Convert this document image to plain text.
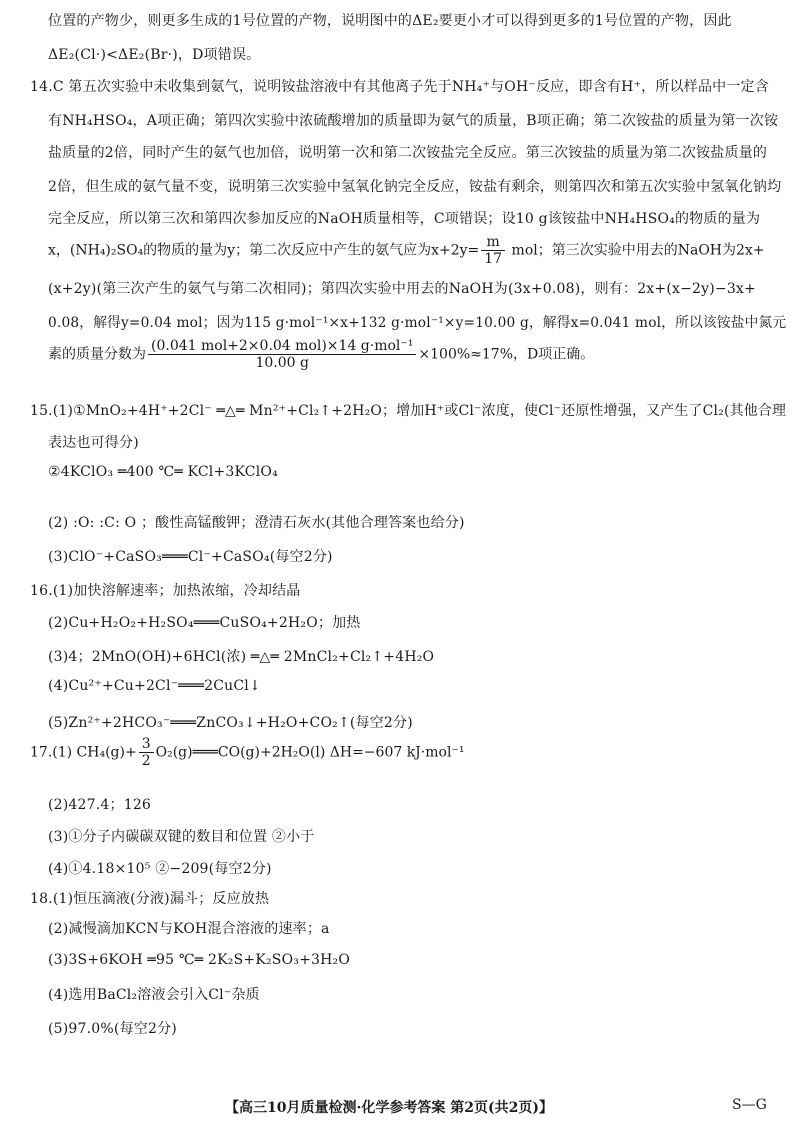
位置的产物少，则更多生成的1号位置的产物，说明图中的ΔE₂要更小才可以得到更多的1号位置的产物，因此
ΔE₂(Cl·)<ΔE₂(Br·)，D项错误。
14.C 第五次实验中未收集到氨气，说明铵盐溶液中有其他离子先于NH₄⁺与OH⁻反应，即含有H⁺，所以样品中一定含
有NH₄HSO₄，A项正确；第四次实验中浓硫酸增加的质量即为氨气的质量，B项正确；第二次铵盐的质量为第一次铵
盐质量的2倍，同时产生的氨气也加倍，说明第一次和第二次铵盐完全反应。第三次铵盐的质量为第二次铵盐质量的
2倍，但生成的氨气量不变，说明第三次实验中氢氧化钠完全反应，铵盐有剩余，则第四次和第五次实验中氢氧化钠均
完全反应，所以第三次和第四次参加反应的NaOH质量相等，C项错误；设10 g该铵盐中NH₄HSO₄的物质的量为
x，(NH₄)₂SO₄的物质的量为y；第二次反应中产生的氨气应为$x+2y= \frac{m}{17}$ mol；第三次实验中用去的NaOH为2x+
(x+2y)(第三次产生的氨气与第二次相同)；第四次实验中用去的NaOH为(3x+0.08)，则有：2x+(x−2y)−3x+
0.08，解得y=0.04 mol；因为115 g·mol⁻¹×x+132 g·mol⁻¹×y=10.00 g，解得x=0.041 mol，所以该铵盐中氮元
素的质量分数为 $\frac{\text{(0.041 mol+2×0.04 mol)×14 g·mol⁻¹}}{10.00 g} \times 100\%\approx 17\%$，D项正确。
15.(1)①MnO₂+4H⁺+2Cl⁻ ═△═ Mn²⁺+Cl₂↑+2H₂O；增加H⁺或Cl⁻浓度，使Cl⁻还原性增强，又产生了Cl₂(其他合理
表达也可得分)
②4KClO₃ ═400 ℃═ KCl+3KClO₄
(2) :O: :C: O ；酸性高锰酸钾；澄清石灰水(其他合理答案也给分)
(3)ClO⁻+CaSO₃═══Cl⁻+CaSO₄(每空2分)
16.(1)加快溶解速率；加热浓缩，冷却结晶
(2)Cu+H₂O₂+H₂SO₄═══CuSO₄+2H₂O；加热
(3)4；2MnO(OH)+6HCl(浓) ═△═ 2MnCl₂+Cl₂↑+4H₂O
(4)Cu²⁺+Cu+2Cl⁻═══2CuCl↓
(5)Zn²⁺+2HCO₃⁻═══ZnCO₃↓+H₂O+CO₂↑(每空2分)
17.(1) $CH_4(g)+ \frac{3}{2}$ O₂(g)═══CO(g)+2H₂O(l) ΔH=−607 kJ·mol⁻¹
(2)427.4；126
(3)①分子内碳碳双键的数目和位置 ②小于
(4)①4.18×10⁵ ②−209(每空2分)
18.(1)恒压滴液(分液)漏斗；反应放热
(2)减慢滴加KCN与KOH混合溶液的速率；a
(3)3S+6KOH ═95 ℃═ 2K₂S+K₂SO₃+3H₂O
(4)选用BaCl₂溶液会引入Cl⁻杂质
(5)97.0%(每空2分)
【高三10月质量检测·化学参考答案 第2页(共2页)】	S—G
